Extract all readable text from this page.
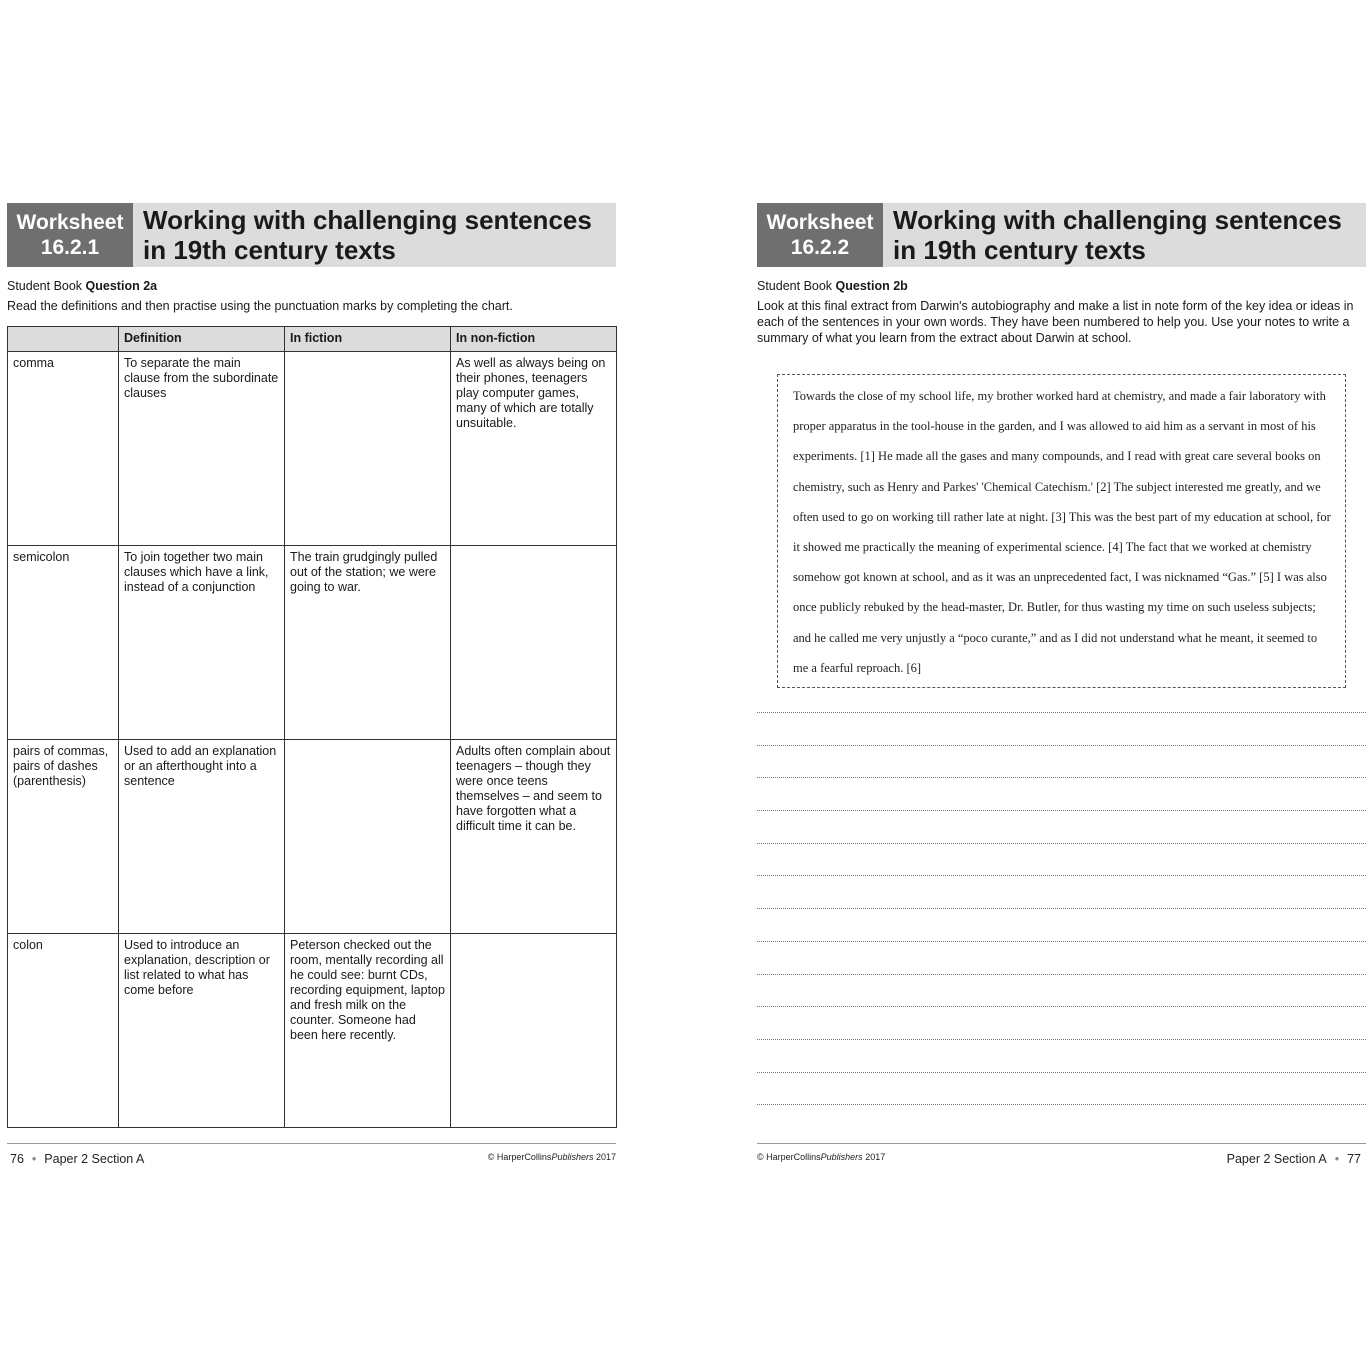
Worksheet
16.2.1
Working with challenging sentences
in 19th century texts
Student Book Question 2a
Read the definitions and then practise using the punctuation marks by completing the chart.
	Definition	In fiction	In non-fiction
comma	To separate the main clause from the subordinate clauses		As well as always being on their phones, teenagers play computer games, many of which are totally unsuitable.
semicolon	To join together two main clauses which have a link, instead of a conjunction	The train grudgingly pulled out of the station; we were going to war.	
pairs of commas, pairs of dashes (parenthesis)	Used to add an explanation or an afterthought into a sentence		Adults often complain about teenagers – though they were once teens themselves – and seem to have forgotten what a difficult time it can be.
colon	Used to introduce an explanation, description or list related to what has come before	Peterson checked out the room, mentally recording all he could see: burnt CDs, recording equipment, laptop and fresh milk on the counter. Someone had been here recently.	
76 • Paper 2 Section A	© HarperCollinsPublishers 2017
Worksheet
16.2.2
Working with challenging sentences
in 19th century texts
Student Book Question 2b
Look at this final extract from Darwin's autobiography and make a list in note form of the key idea or ideas in each of the sentences in your own words. They have been numbered to help you. Use your notes to write a summary of what you learn from the extract about Darwin at school.
Towards the close of my school life, my brother worked hard at chemistry, and made a fair laboratory with proper apparatus in the tool-house in the garden, and I was allowed to aid him as a servant in most of his experiments. [1] He made all the gases and many compounds, and I read with great care several books on chemistry, such as Henry and Parkes' 'Chemical Catechism.' [2] The subject interested me greatly, and we often used to go on working till rather late at night. [3] This was the best part of my education at school, for it showed me practically the meaning of experimental science. [4] The fact that we worked at chemistry somehow got known at school, and as it was an unprecedented fact, I was nicknamed “Gas.” [5] I was also once publicly rebuked by the head-master, Dr. Butler, for thus wasting my time on such useless subjects; and he called me very unjustly a “poco curante,” and as I did not understand what he meant, it seemed to me a fearful reproach. [6]
© HarperCollinsPublishers 2017	Paper 2 Section A • 77
